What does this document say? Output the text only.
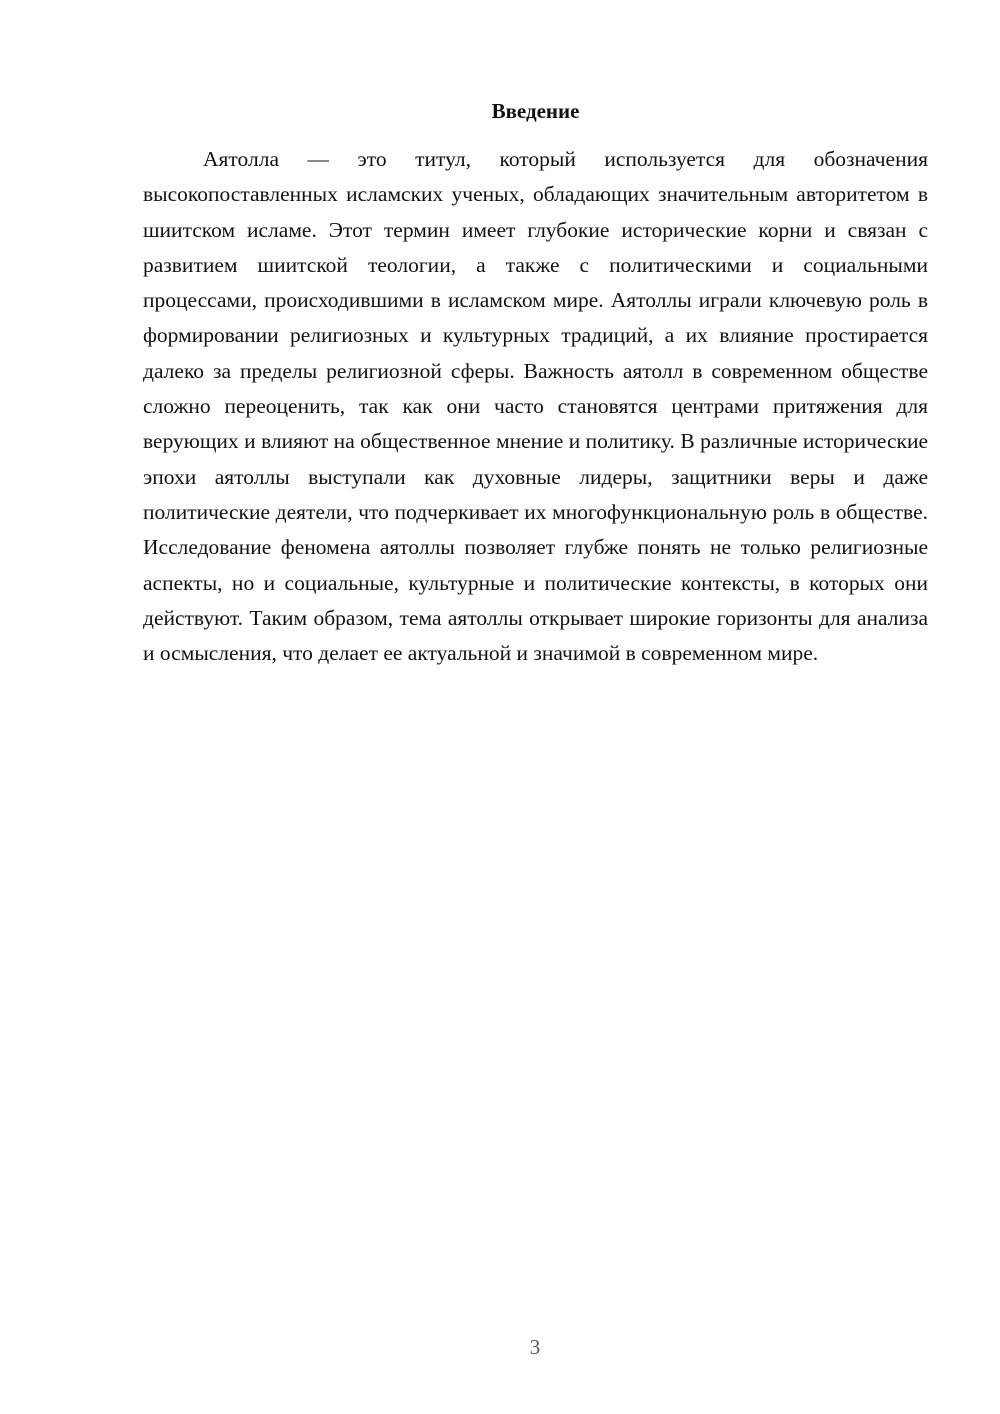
Введение

Аятолла — это титул, который используется для обозначения высокопоставленных исламских ученых, обладающих значительным авторитетом в шиитском исламе. Этот термин имеет глубокие исторические корни и связан с развитием шиитской теологии, а также с политическими и социальными процессами, происходившими в исламском мире. Аятоллы играли ключевую роль в формировании религиозных и культурных традиций, а их влияние простирается далеко за пределы религиозной сферы. Важность аятолл в современном обществе сложно переоценить, так как они часто становятся центрами притяжения для верующих и влияют на общественное мнение и политику. В различные исторические эпохи аятоллы выступали как духовные лидеры, защитники веры и даже политические деятели, что подчеркивает их многофункциональную роль в обществе. Исследование феномена аятоллы позволяет глубже понять не только религиозные аспекты, но и социальные, культурные и политические контексты, в которых они действуют. Таким образом, тема аятоллы открывает широкие горизонты для анализа и осмысления, что делает ее актуальной и значимой в современном мире.

3
